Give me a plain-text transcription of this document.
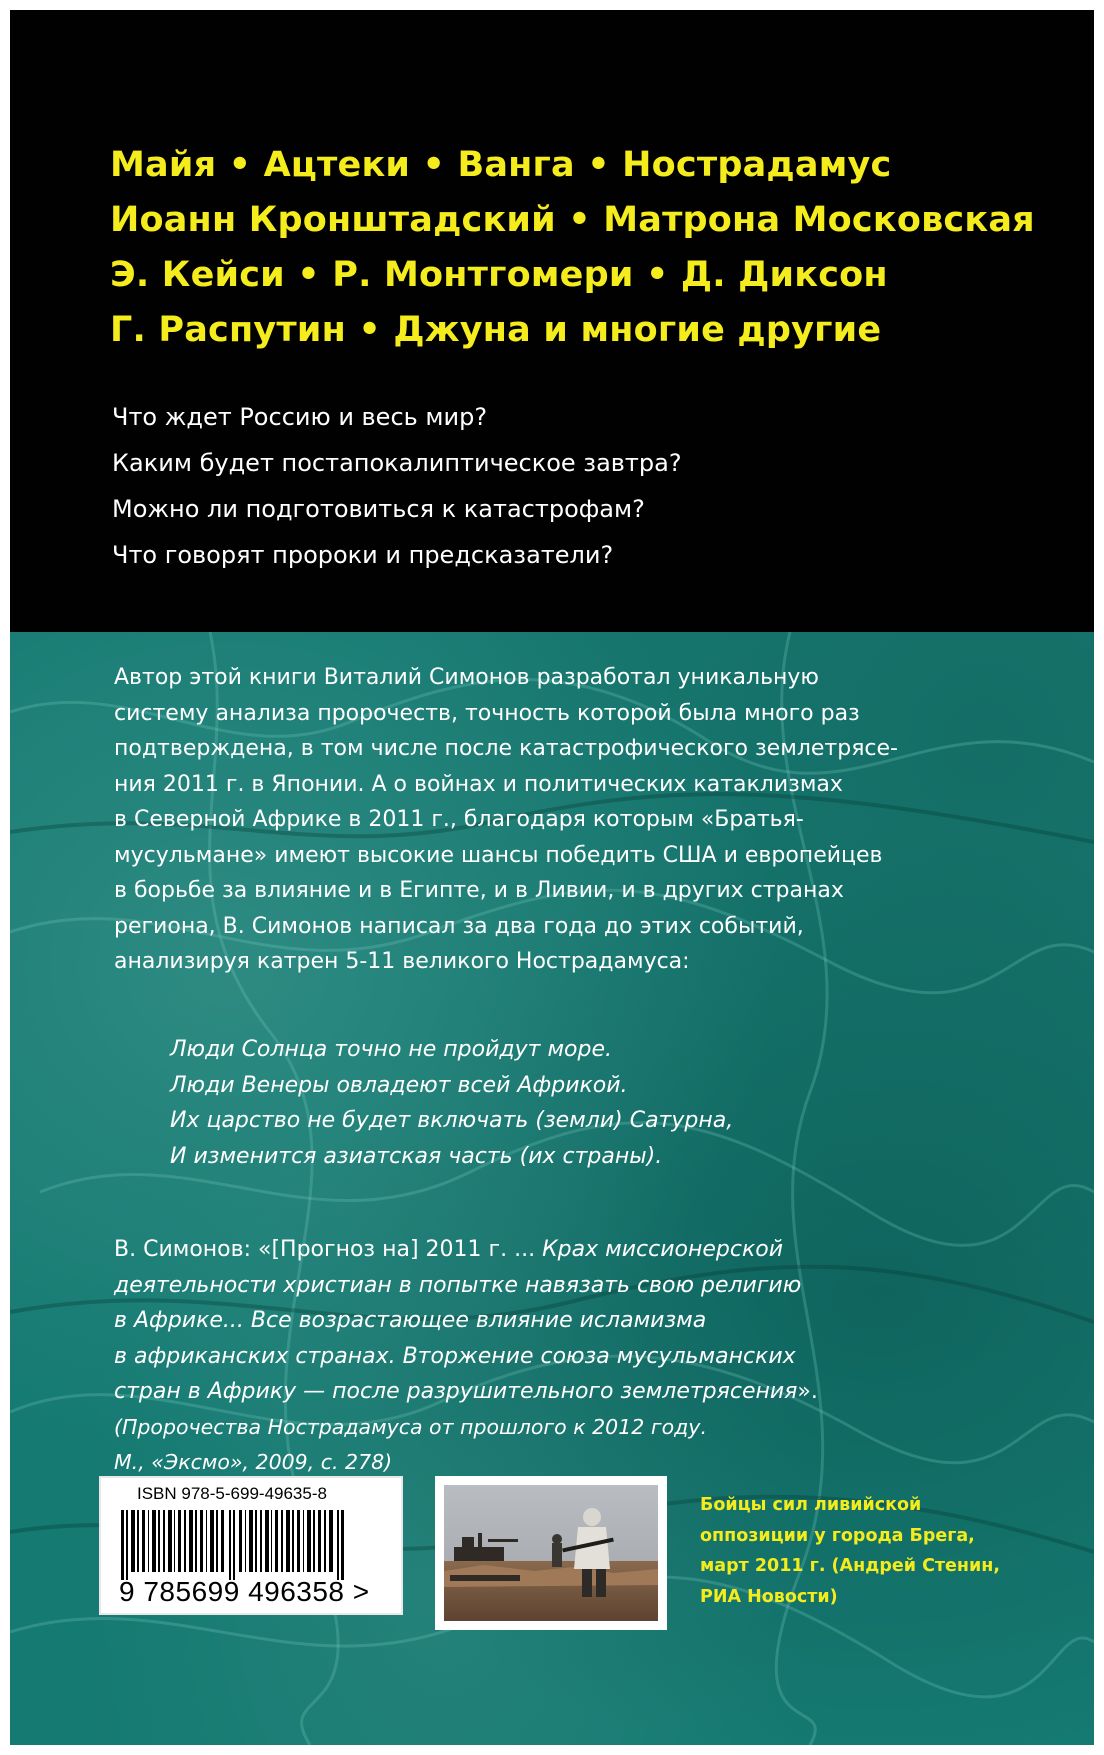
Майя • Ацтеки • Ванга • Нострадамус
Иоанн Кронштадский • Матрона Московская
Э. Кейси • Р. Монтгомери • Д. Диксон
Г. Распутин • Джуна и многие другие
Что ждет Россию и весь мир?
Каким будет постапокалиптическое завтра?
Можно ли подготовиться к катастрофам?
Что говорят пророки и предсказатели?
Автор этой книги Виталий Симонов разработал уникальную
систему анализа пророчеств, точность которой была много раз
подтверждена, в том числе после катастрофического землетрясе-
ния 2011 г. в Японии. А о войнах и политических катаклизмах
в Северной Африке в 2011 г., благодаря которым «Братья-
мусульмане» имеют высокие шансы победить США и европейцев
в борьбе за влияние и в Египте, и в Ливии, и в других странах
региона, В. Симонов написал за два года до этих событий,
анализируя катрен 5-11 великого Нострадамуса:
Люди Солнца точно не пройдут море.
Люди Венеры овладеют всей Африкой.
Их царство не будет включать (земли) Сатурна,
И изменится азиатская часть (их страны).
В. Симонов: «[Прогноз на] 2011 г. ... Крах миссионерской
деятельности христиан в попытке навязать свою религию
в Африке... Все возрастающее влияние исламизма
в африканских странах. Вторжение союза мусульманских
стран в Африку — после разрушительного землетрясения».
(Пророчества Нострадамуса от прошлого к 2012 году.
М., «Эксмо», 2009, с. 278)
ISBN 978-5-699-49635-8
9 785699 496358 >
Бойцы сил ливийской
оппозиции у города Брега,
март 2011 г. (Андрей Стенин,
РИА Новости)
